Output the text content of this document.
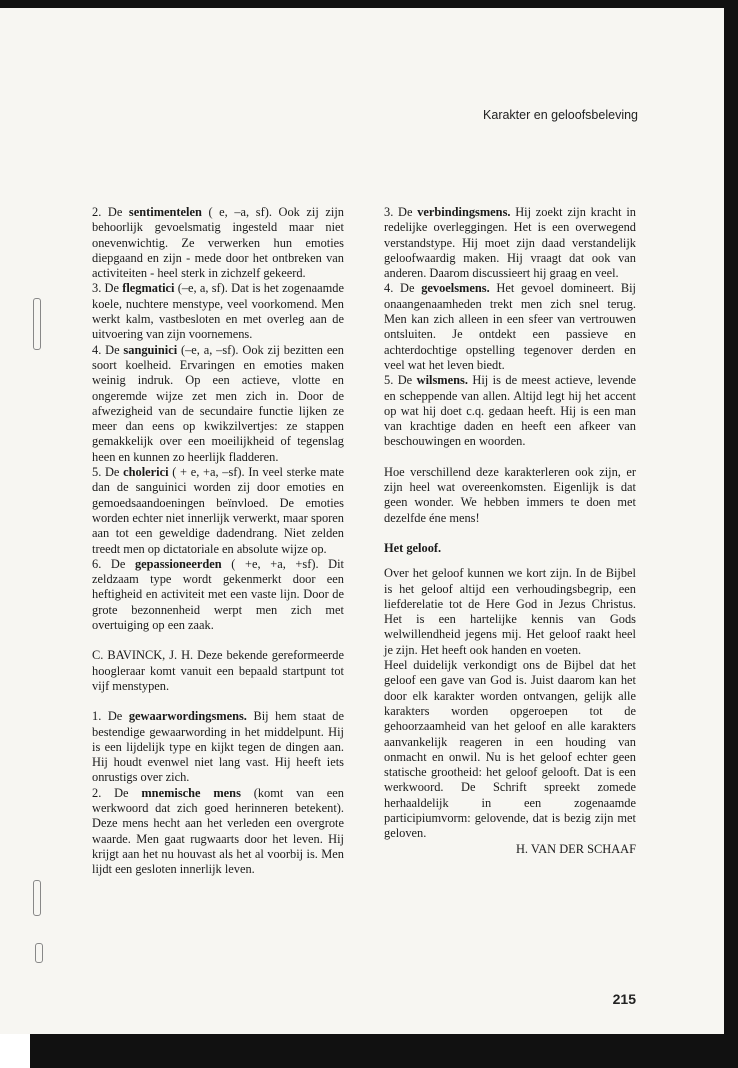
Karakter en geloofsbeleving

2. De sentimentelen ( e, –a, sf). Ook zij zijn behoorlijk gevoelsmatig ingesteld maar niet onevenwichtig. Ze verwerken hun emoties diepgaand en zijn - mede door het ontbreken van activiteiten - heel sterk in zichzelf gekeerd.

3. De flegmatici (–e, a, sf). Dat is het zogenaamde koele, nuchtere menstype, veel voorkomend. Men werkt kalm, vastbesloten en met overleg aan de uitvoering van zijn voornemens.

4. De sanguinici (–e, a, –sf). Ook zij bezitten een soort koelheid. Ervaringen en emoties maken weinig indruk. Op een actieve, vlotte en ongeremde wijze zet men zich in. Door de afwezigheid van de secundaire functie lijken ze meer dan eens op kwikzilvertjes: ze stappen gemakkelijk over een moeilijkheid of tegenslag heen en kunnen zo heerlijk fladderen.

5. De cholerici ( + e, +a, –sf). In veel sterke mate dan de sanguinici worden zij door emoties en gemoedsaandoeningen beïnvloed. De emoties worden echter niet innerlijk verwerkt, maar sporen aan tot een geweldige dadendrang. Niet zelden treedt men op dictatoriale en absolute wijze op.

6. De gepassioneerden ( +e, +a, +sf). Dit zeldzaam type wordt gekenmerkt door een heftigheid en activiteit met een vaste lijn. Door de grote bezonnenheid werpt men zich met overtuiging op een zaak.

C. BAVINCK, J. H. Deze bekende gereformeerde hoogleraar komt vanuit een bepaald startpunt tot vijf menstypen.

1. De gewaarwordingsmens. Bij hem staat de bestendige gewaarwording in het middelpunt. Hij is een lijdelijk type en kijkt tegen de dingen aan. Hij houdt evenwel niet lang vast. Hij heeft iets onrustigs over zich.

2. De mnemische mens (komt van een werkwoord dat zich goed herinneren betekent). Deze mens hecht aan het verleden een overgrote waarde. Men gaat rugwaarts door het leven. Hij krijgt aan het nu houvast als het al voorbij is. Men lijdt een gesloten innerlijk leven.

3. De verbindingsmens. Hij zoekt zijn kracht in redelijke overleggingen. Het is een overwegend verstandstype. Hij moet zijn daad verstandelijk geloofwaardig maken. Hij vraagt dat ook van anderen. Daarom discussieert hij graag en veel.

4. De gevoelsmens. Het gevoel domineert. Bij onaangenaamheden trekt men zich snel terug. Men kan zich alleen in een sfeer van vertrouwen ontsluiten. Je ontdekt een passieve en achterdochtige opstelling tegenover derden en veel wat het leven biedt.

5. De wilsmens. Hij is de meest actieve, levende en scheppende van allen. Altijd legt hij het accent op wat hij doet c.q. gedaan heeft. Hij is een man van krachtige daden en heeft een afkeer van beschouwingen en woorden.

Hoe verschillend deze karakterleren ook zijn, er zijn heel wat overeenkomsten. Eigenlijk is dat geen wonder. We hebben immers te doen met dezelfde éne mens!

Het geloof.

Over het geloof kunnen we kort zijn. In de Bijbel is het geloof altijd een verhoudingsbegrip, een liefderelatie tot de Here God in Jezus Christus. Het is een hartelijke kennis van Gods welwillendheid jegens mij. Het geloof raakt heel je zijn. Het heeft ook handen en voeten.

Heel duidelijk verkondigt ons de Bijbel dat het geloof een gave van God is. Juist daarom kan het door elk karakter worden ontvangen, gelijk alle karakters worden opgeroepen tot de gehoorzaamheid van het geloof en alle karakters aanvankelijk reageren in een houding van onmacht en onwil. Nu is het geloof echter geen statische grootheid: het geloof gelooft. Dat is een werkwoord. De Schrift spreekt zomede herhaaldelijk in een zogenaamde participiumvorm: gelovende, dat is bezig zijn met geloven.

H. VAN DER SCHAAF

215
